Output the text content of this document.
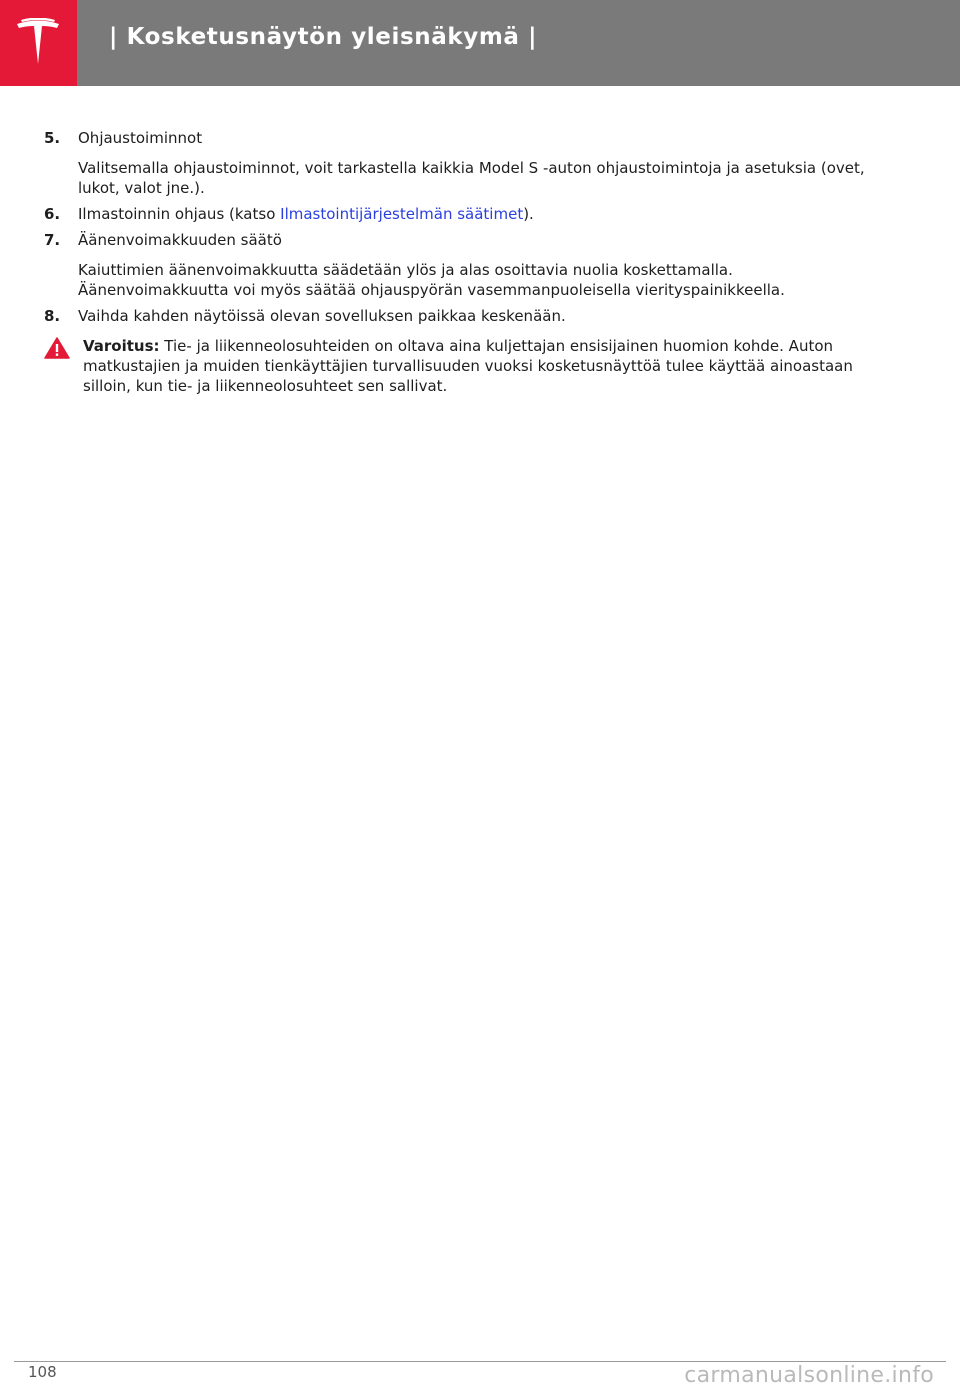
| Kosketusnäytön yleisnäkymä |
5. Ohjaustoiminnot
Valitsemalla ohjaustoiminnot, voit tarkastella kaikkia Model S -auton ohjaustoimintoja ja asetuksia (ovet, lukot, valot jne.).
6. Ilmastoinnin ohjaus (katso Ilmastointijärjestelmän säätimet).
7. Äänenvoimakkuuden säätö
Kaiuttimien äänenvoimakkuutta säädetään ylös ja alas osoittavia nuolia koskettamalla. Äänenvoimakkuutta voi myös säätää ohjauspyörän vasemmanpuoleisella vierityspainikkeella.
8. Vaihda kahden näytöissä olevan sovelluksen paikkaa keskenään.
Varoitus: Tie- ja liikenneolosuhteiden on oltava aina kuljettajan ensisijainen huomion kohde. Auton matkustajien ja muiden tienkäyttäjien turvallisuuden vuoksi kosketusnäyttöä tulee käyttää ainoastaan silloin, kun tie- ja liikenneolosuhteet sen sallivat.
108	carmanualsonline.info
